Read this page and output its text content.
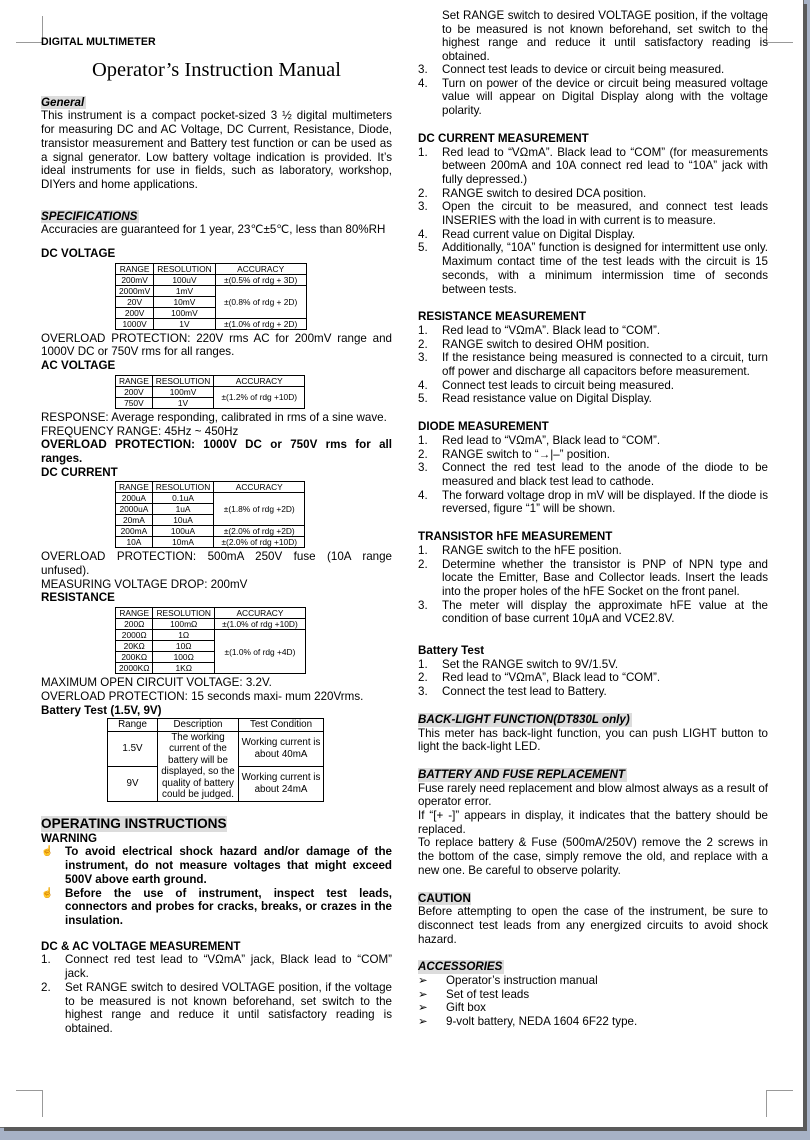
DIGITAL MULTIMETER
Operator’s Instruction Manual
General
This instrument is a compact pocket-sized 3 ½ digital multimeters for measuring DC and AC Voltage, DC Current, Resistance, Diode, transistor measurement and Battery test function or can be used as a signal generator. Low battery voltage indication is provided. It’s ideal instruments for use in fields, such as laboratory, workshop, DIYers and home applications.
SPECIFICATIONS
Accuracies are guaranteed for 1 year, 23℃±5℃, less than 80%RH
DC VOLTAGE
RANGE	RESOLUTION	ACCURACY
200mV	100uV	±(0.5% of rdg + 3D)
2000mV	1mV	±(0.8% of rdg + 2D)
20V	10mV	
200V	100mV	
1000V	1V	±(1.0% of rdg + 2D)
OVERLOAD PROTECTION: 220V rms AC for 200mV range and 1000V DC or 750V rms for all ranges.
AC VOLTAGE
RANGE	RESOLUTION	ACCURACY
200V	100mV	±(1.2% of rdg +10D)
750V	1V	
RESPONSE: Average responding, calibrated in rms of a sine wave.
FREQUENCY RANGE: 45Hz ~ 450Hz
OVERLOAD PROTECTION: 1000V DC or 750V rms for all ranges.
DC CURRENT
RANGE	RESOLUTION	ACCURACY
200uA	0.1uA	±(1.8% of rdg +2D)
2000uA	1uA	
20mA	10uA	
200mA	100uA	±(2.0% of rdg +2D)
10A	10mA	±(2.0% of rdg +10D)
OVERLOAD PROTECTION: 500mA 250V fuse (10A range unfused).
MEASURING VOLTAGE DROP: 200mV
RESISTANCE
RANGE	RESOLUTION	ACCURACY
200Ω	100mΩ	±(1.0% of rdg +10D)
2000Ω	1Ω	±(1.0% of rdg +4D)
20KΩ	10Ω	
200KΩ	100Ω	
2000KΩ	1KΩ	
MAXIMUM OPEN CIRCUIT VOLTAGE: 3.2V.
OVERLOAD PROTECTION: 15 seconds maxi- mum 220Vrms.
Battery Test (1.5V, 9V)
Range	Description	Test Condition
1.5V	The working current of the battery will be displayed, so the quality of battery could be judged.	Working current is about 40mA
9V		Working current is about 24mA
OPERATING INSTRUCTIONS
WARNING
☝ To avoid electrical shock hazard and/or damage of the instrument, do not measure voltages that might exceed 500V above earth ground.
☝ Before the use of instrument, inspect test leads, connectors and probes for cracks, breaks, or crazes in the insulation.
DC & AC VOLTAGE MEASUREMENT
1.	Connect red test lead to “VΩmA” jack, Black lead to “COM” jack.
2.	Set RANGE switch to desired VOLTAGE position, if the voltage to be measured is not known beforehand, set switch to the highest range and reduce it until satisfactory reading is obtained.
Set RANGE switch to desired VOLTAGE position, if the voltage to be measured is not known beforehand, set switch to the highest range and reduce it until satisfactory reading is obtained.
3.	Connect test leads to device or circuit being measured.
4.	Turn on power of the device or circuit being measured voltage value will appear on Digital Display along with the voltage polarity.
DC CURRENT MEASUREMENT
1.	Red lead to “VΩmA”. Black lead to “COM” (for measurements between 200mA and 10A connect red lead to “10A” jack with fully depressed.)
2.	RANGE switch to desired DCA position.
3.	Open the circuit to be measured, and connect test leads INSERIES with the load in with current is to measure.
4.	Read current value on Digital Display.
5.	Additionally, “10A” function is designed for intermittent use only. Maximum contact time of the test leads with the circuit is 15 seconds, with a minimum intermission time of seconds between tests.
RESISTANCE MEASUREMENT
1.	Red lead to “VΩmA”. Black lead to “COM”.
2.	RANGE switch to desired OHM position.
3.	If the resistance being measured is connected to a circuit, turn off power and discharge all capacitors before measurement.
4.	Connect test leads to circuit being measured.
5.	Read resistance value on Digital Display.
DIODE MEASUREMENT
1.	Red lead to “VΩmA”, Black lead to “COM”.
2.	RANGE switch to “→|–” position.
3.	Connect the red test lead to the anode of the diode to be measured and black test lead to cathode.
4.	The forward voltage drop in mV will be displayed. If the diode is reversed, figure “1” will be shown.
TRANSISTOR hFE MEASUREMENT
1.	RANGE switch to the hFE position.
2.	Determine whether the transistor is PNP of NPN type and locate the Emitter, Base and Collector leads. Insert the leads into the proper holes of the hFE Socket on the front panel.
3.	The meter will display the approximate hFE value at the condition of base current 10μA and VCE2.8V.
Battery Test
1.	Set the RANGE switch to 9V/1.5V.
2.	Red lead to “VΩmA”, Black lead to “COM”.
3.	Connect the test lead to Battery.
BACK-LIGHT FUNCTION(DT830L only)
This meter has back-light function, you can push LIGHT button to light the back-light LED.
BATTERY AND FUSE REPLACEMENT
Fuse rarely need replacement and blow almost always as a result of operator error.
If “[+ -]” appears in display, it indicates that the battery should be replaced.
To replace battery & Fuse (500mA/250V) remove the 2 screws in the bottom of the case, simply remove the old, and replace with a new one. Be careful to observe polarity.
CAUTION
Before attempting to open the case of the instrument, be sure to disconnect test leads from any energized circuits to avoid shock hazard.
ACCESSORIES
➢	Operator’s instruction manual
➢	Set of test leads
➢	Gift box
➢	9-volt battery, NEDA 1604 6F22 type.
